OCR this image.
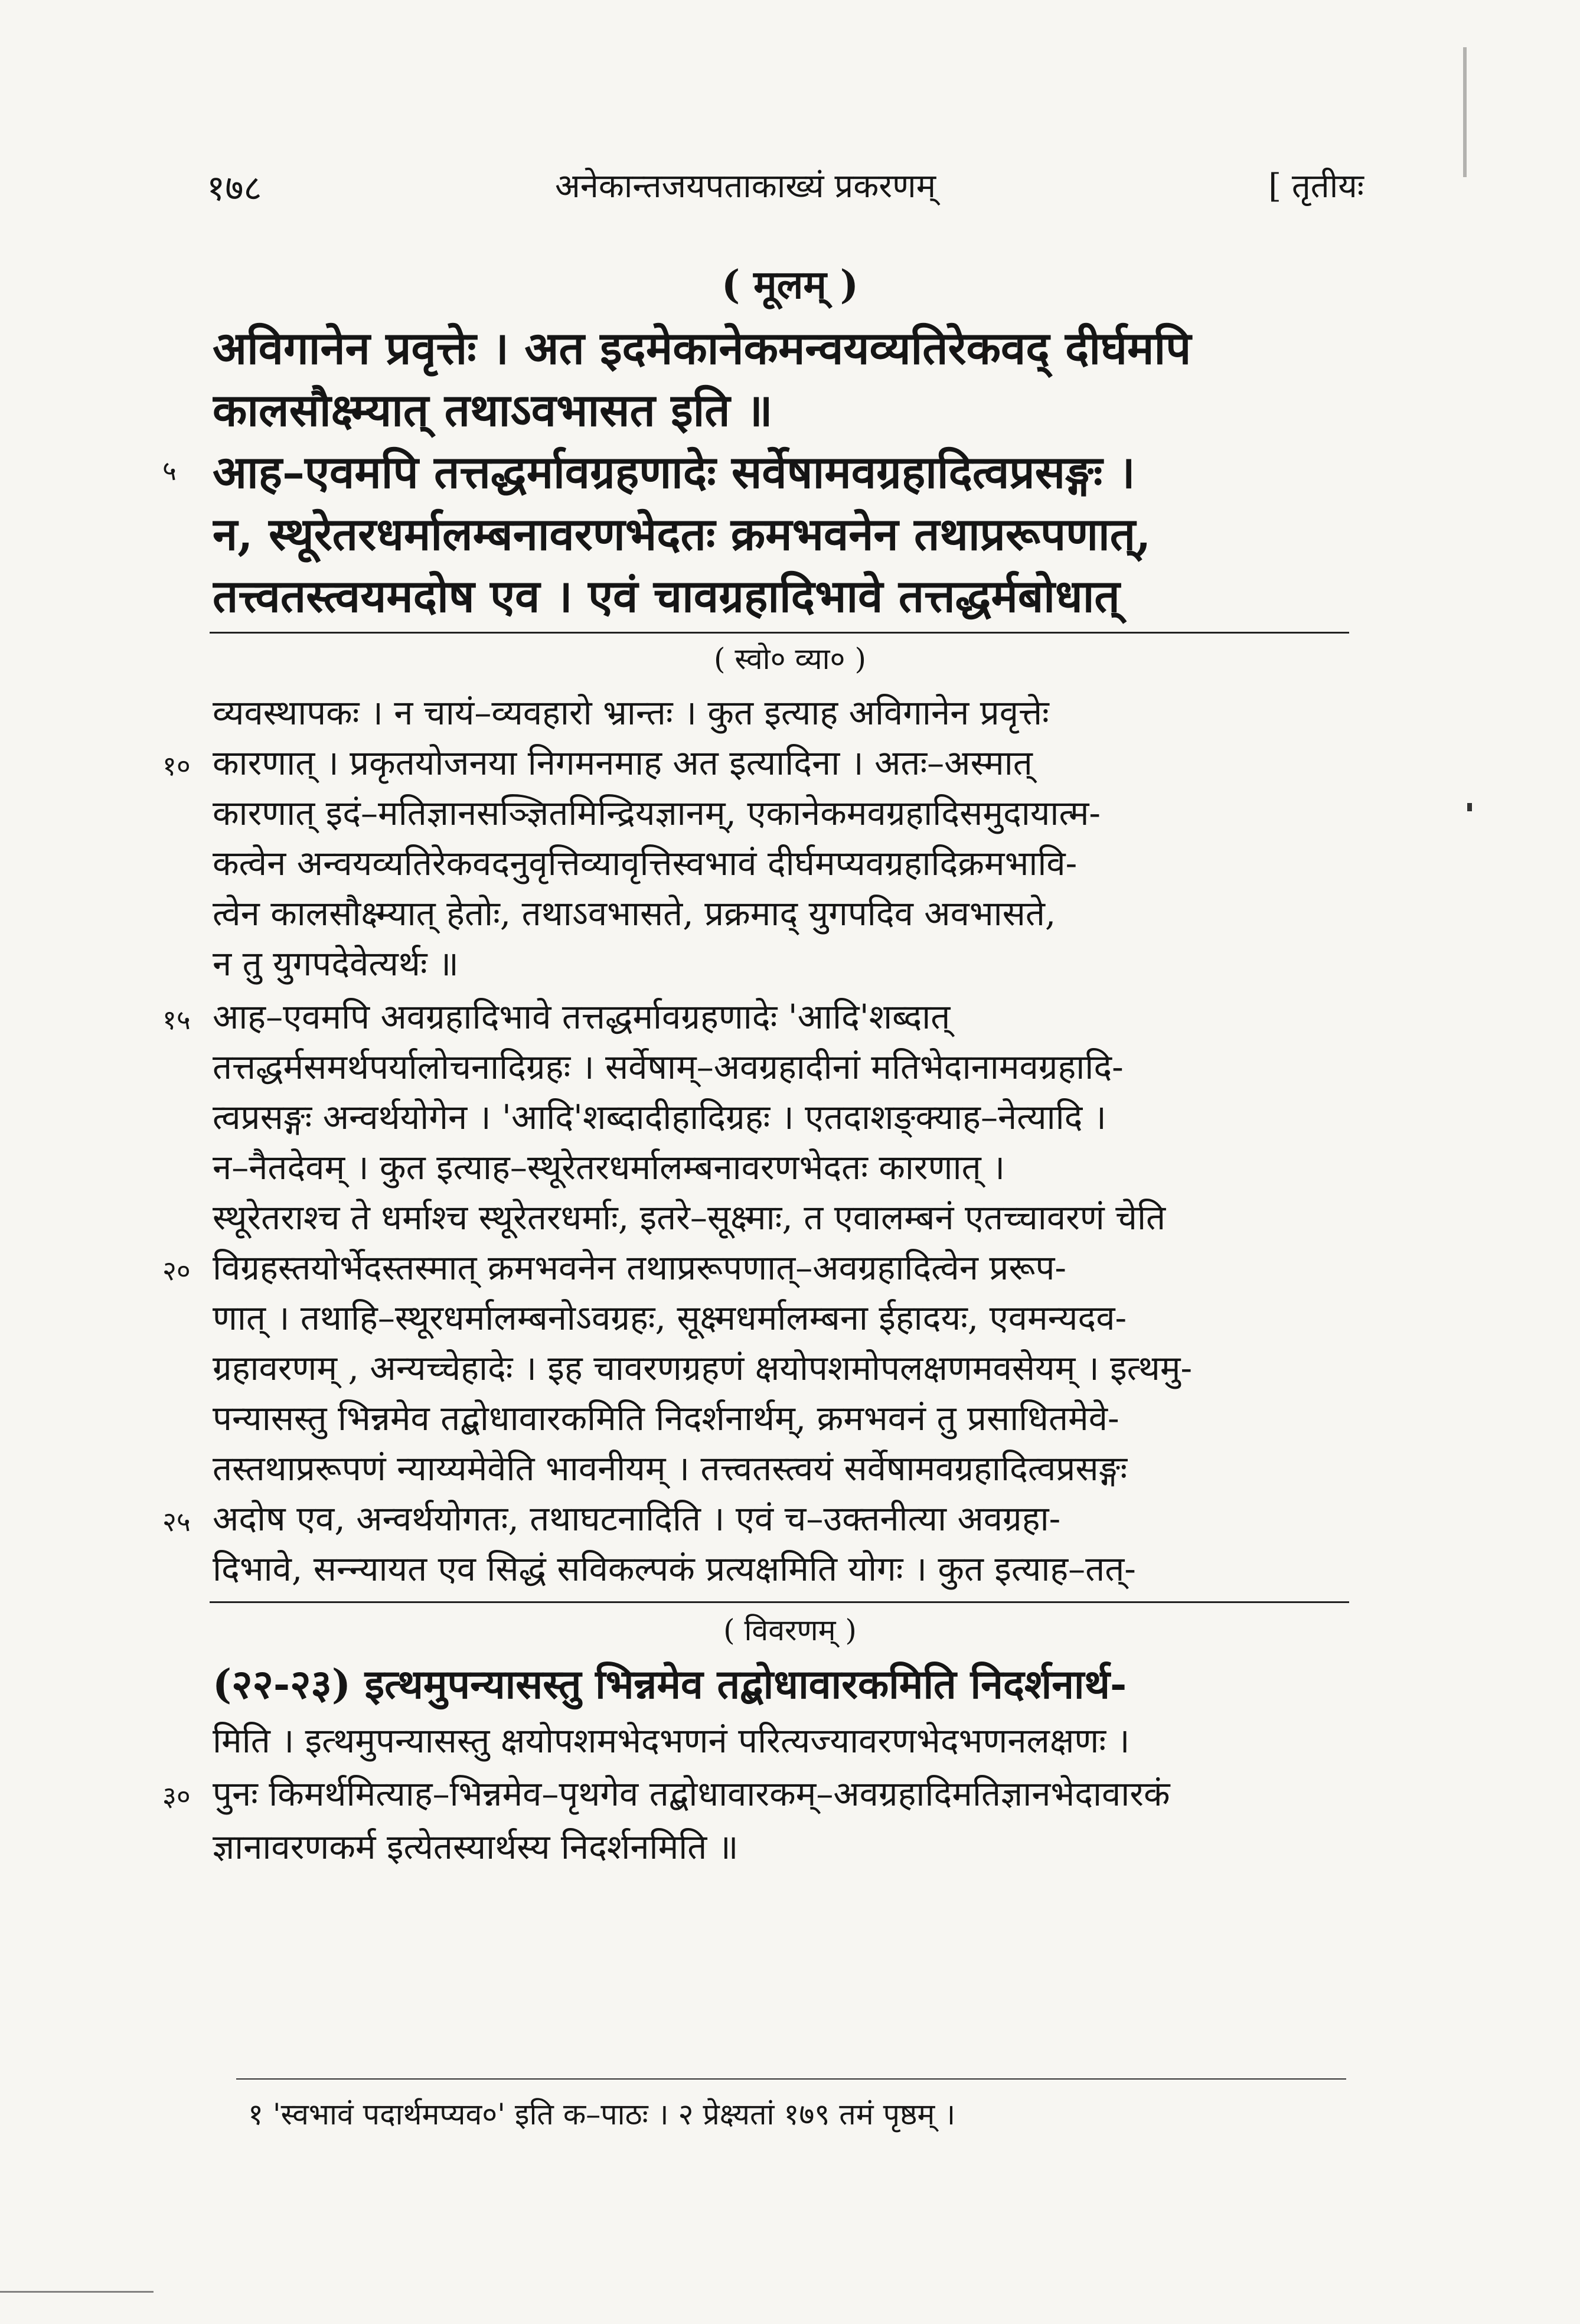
१७८	अनेकान्तजयपताकाख्यं प्रकरणम्	[ तृतीयः
( मूलम् )
अविगानेन प्रवृत्तेः । अत इदमेकानेकमन्वयव्यतिरेकवद् दीर्घमपि
कालसौक्ष्म्यात् तथाऽवभासत इति ॥
५ आह–एवमपि तत्तद्धर्मावग्रहणादेः सर्वेषामवग्रहादित्वप्रसङ्गः ।
न, स्थूरेतरधर्मालम्बनावरणभेदतः क्रमभवनेन तथाप्ररूपणात्,
तत्त्वतस्त्वयमदोष एव । एवं चावग्रहादिभावे तत्तद्धर्मबोधात्
( स्वो० व्या० )
व्यवस्थापकः । न चायं–व्यवहारो भ्रान्तः । कुत इत्याह अविगानेन प्रवृत्तेः
१० कारणात् । प्रकृतयोजनया निगमनमाह अत इत्यादिना । अतः–अस्मात्
कारणात् इदं–मतिज्ञानसञ्ज्ञितमिन्द्रियज्ञानम्, एकानेकमवग्रहादिसमुदायात्म-
कत्वेन अन्वयव्यतिरेकवदनुवृत्तिव्यावृत्तिस्वभावं दीर्घमप्यवग्रहादिक्रमभावि-
त्वेन कालसौक्ष्म्यात् हेतोः, तथाऽवभासते, प्रक्रमाद् युगपदिव अवभासते,
न तु युगपदेवेत्यर्थः ॥
१५ आह–एवमपि अवग्रहादिभावे तत्तद्धर्मावग्रहणादेः 'आदि'शब्दात्
तत्तद्धर्मसमर्थपर्यालोचनादिग्रहः । सर्वेषाम्–अवग्रहादीनां मतिभेदानामवग्रहादि-
त्वप्रसङ्गः अन्वर्थयोगेन । 'आदि'शब्दादीहादिग्रहः । एतदाशङ्क्याह–नेत्यादि ।
न–नैतदेवम् । कुत इत्याह–स्थूरेतरधर्मालम्बनावरणभेदतः कारणात् ।
स्थूरेतराश्च ते धर्माश्च स्थूरेतरधर्माः, इतरे–सूक्ष्माः, त एवालम्बनं एतच्चावरणं चेति
२० विग्रहस्तयोर्भेदस्तस्मात् क्रमभवनेन तथाप्ररूपणात्–अवग्रहादित्वेन प्ररूप-
णात् । तथाहि–स्थूरधर्मालम्बनोऽवग्रहः, सूक्ष्मधर्मालम्बना ईहादयः, एवमन्यदव-
ग्रहावरणम् , अन्यच्चेहादेः । इह चावरणग्रहणं क्षयोपशमोपलक्षणमवसेयम् । इत्थमु-
पन्यासस्तु भिन्नमेव तद्बोधावारकमिति निदर्शनार्थम्, क्रमभवनं तु प्रसाधितमेवे-
तस्तथाप्ररूपणं न्याय्यमेवेति भावनीयम् । तत्त्वतस्त्वयं सर्वेषामवग्रहादित्वप्रसङ्गः
२५ अदोष एव, अन्वर्थयोगतः, तथाघटनादिति । एवं च–उक्तनीत्या अवग्रहा-
दिभावे, सन्न्यायत एव सिद्धं सविकल्पकं प्रत्यक्षमिति योगः । कुत इत्याह–तत्-
( विवरणम् )
(२२-२३) इत्थमुपन्यासस्तु भिन्नमेव तद्बोधावारकमिति निदर्शनार्थ-
मिति । इत्थमुपन्यासस्तु क्षयोपशमभेदभणनं परित्यज्यावरणभेदभणनलक्षणः ।
३० पुनः किमर्थमित्याह–भिन्नमेव–पृथगेव तद्बोधावारकम्–अवग्रहादिमतिज्ञानभेदावारकं
ज्ञानावरणकर्म इत्येतस्यार्थस्य निदर्शनमिति ॥
१ 'स्वभावं पदार्थमप्यव०' इति क–पाठः । २ प्रेक्ष्यतां १७९ तमं पृष्ठम् ।
